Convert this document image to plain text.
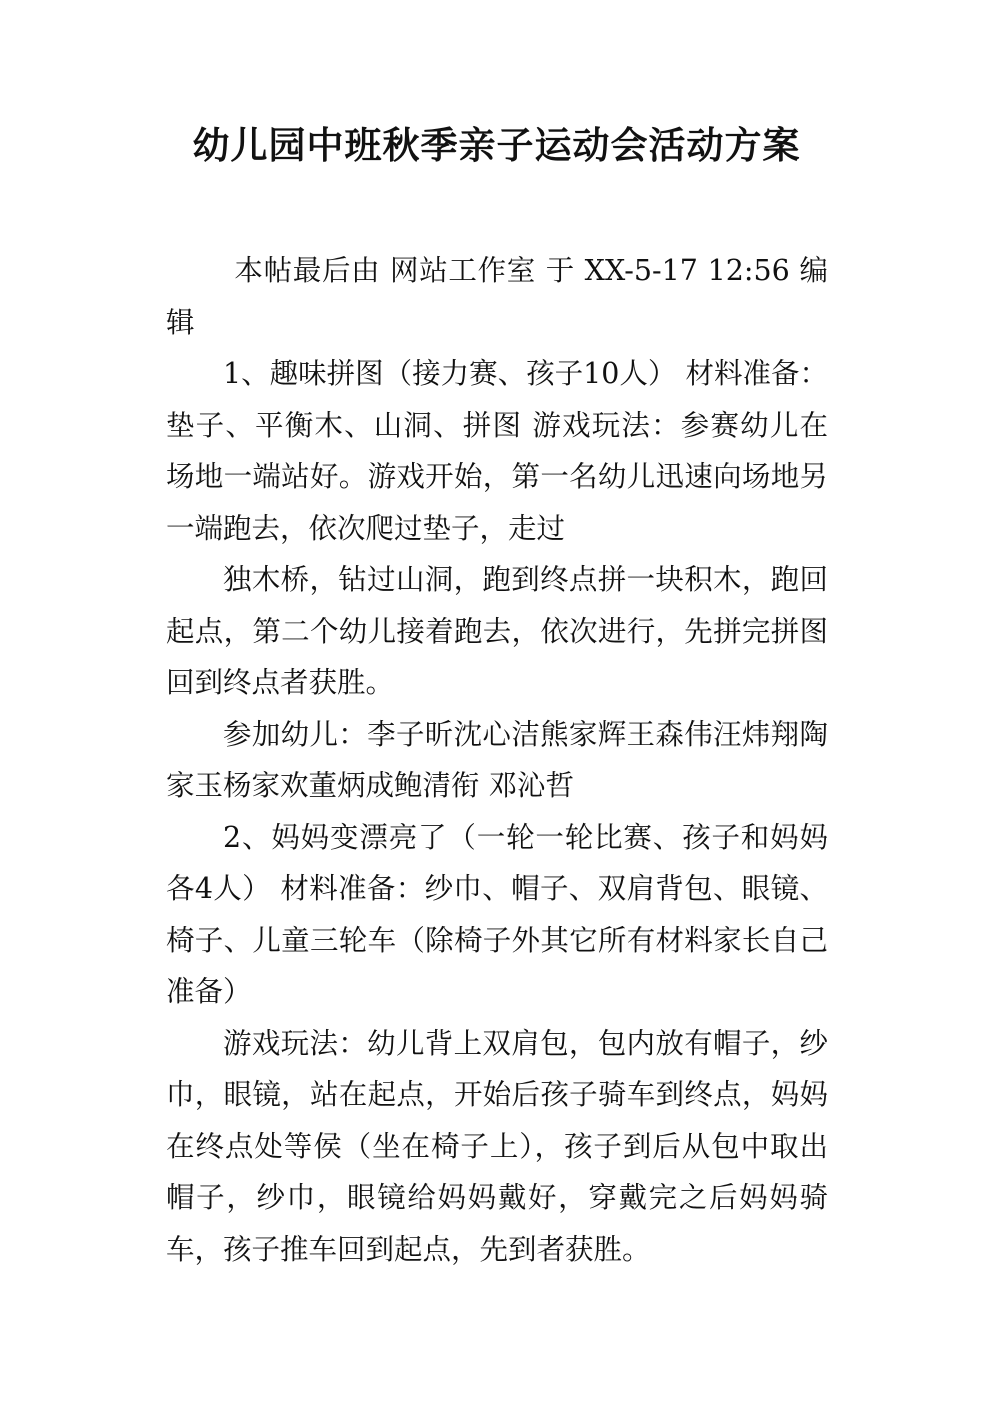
幼儿园中班秋季亲子运动会活动方案

本帖最后由 网站工作室 于 XX-5-17 12:56 编辑

1、趣味拼图（接力赛、孩子10人） 材料准备：垫子、平衡木、山洞、拼图 游戏玩法：参赛幼儿在场地一端站好。游戏开始，第一名幼儿迅速向场地另一端跑去，依次爬过垫子，走过

独木桥，钻过山洞，跑到终点拼一块积木，跑回起点，第二个幼儿接着跑去，依次进行，先拼完拼图回到终点者获胜。

参加幼儿：李子昕沈心洁熊家辉王森伟汪炜翔陶家玉杨家欢董炳成鲍清衔 邓沁哲

2、妈妈变漂亮了（一轮一轮比赛、孩子和妈妈各4人） 材料准备：纱巾、帽子、双肩背包、眼镜、椅子、儿童三轮车（除椅子外其它所有材料家长自己准备）

游戏玩法：幼儿背上双肩包，包内放有帽子，纱巾，眼镜，站在起点，开始后孩子骑车到终点，妈妈在终点处等侯（坐在椅子上），孩子到后从包中取出帽子，纱巾，眼镜给妈妈戴好，穿戴完之后妈妈骑车，孩子推车回到起点，先到者获胜。
